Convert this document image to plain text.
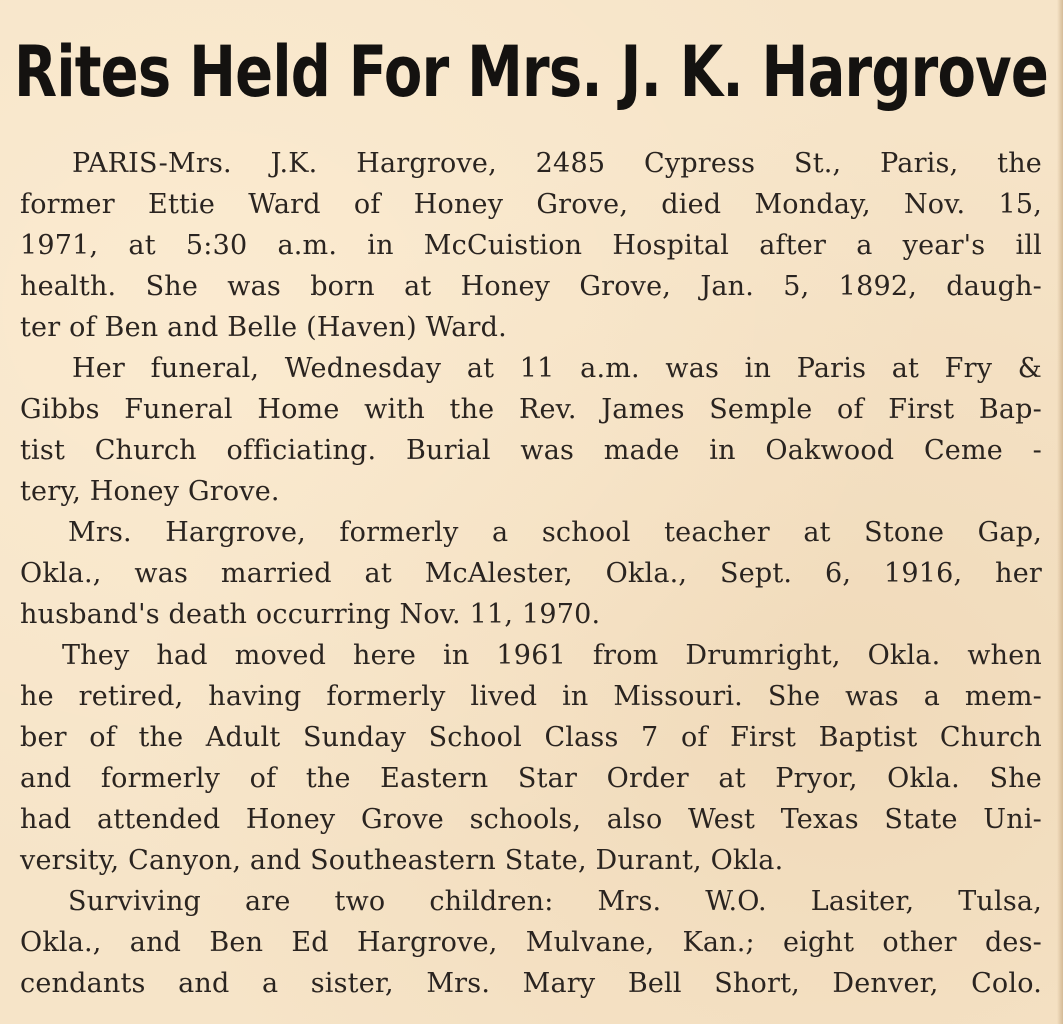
Rites Held For Mrs. J. K. Hargrove
PARIS-Mrs. J.K. Hargrove, 2485 Cypress St., Paris, the
former Ettie Ward of Honey Grove, died Monday, Nov. 15,
1971, at 5:30 a.m. in McCuistion Hospital after a year's ill
health. She was born at Honey Grove, Jan. 5, 1892, daugh-
ter of Ben and Belle (Haven) Ward.
Her funeral, Wednesday at 11 a.m. was in Paris at Fry &
Gibbs Funeral Home with the Rev. James Semple of First Bap-
tist Church officiating. Burial was made in Oakwood Ceme -
tery, Honey Grove.
Mrs. Hargrove, formerly a school teacher at Stone Gap,
Okla., was married at McAlester, Okla., Sept. 6, 1916, her
husband's death occurring Nov. 11, 1970.
They had moved here in 1961 from Drumright, Okla. when
he retired, having formerly lived in Missouri. She was a mem-
ber of the Adult Sunday School Class 7 of First Baptist Church
and formerly of the Eastern Star Order at Pryor, Okla. She
had attended Honey Grove schools, also West Texas State Uni-
versity, Canyon, and Southeastern State, Durant, Okla.
Surviving are two children: Mrs. W.O. Lasiter, Tulsa,
Okla., and Ben Ed Hargrove, Mulvane, Kan.; eight other des-
cendants and a sister, Mrs. Mary Bell Short, Denver, Colo.
